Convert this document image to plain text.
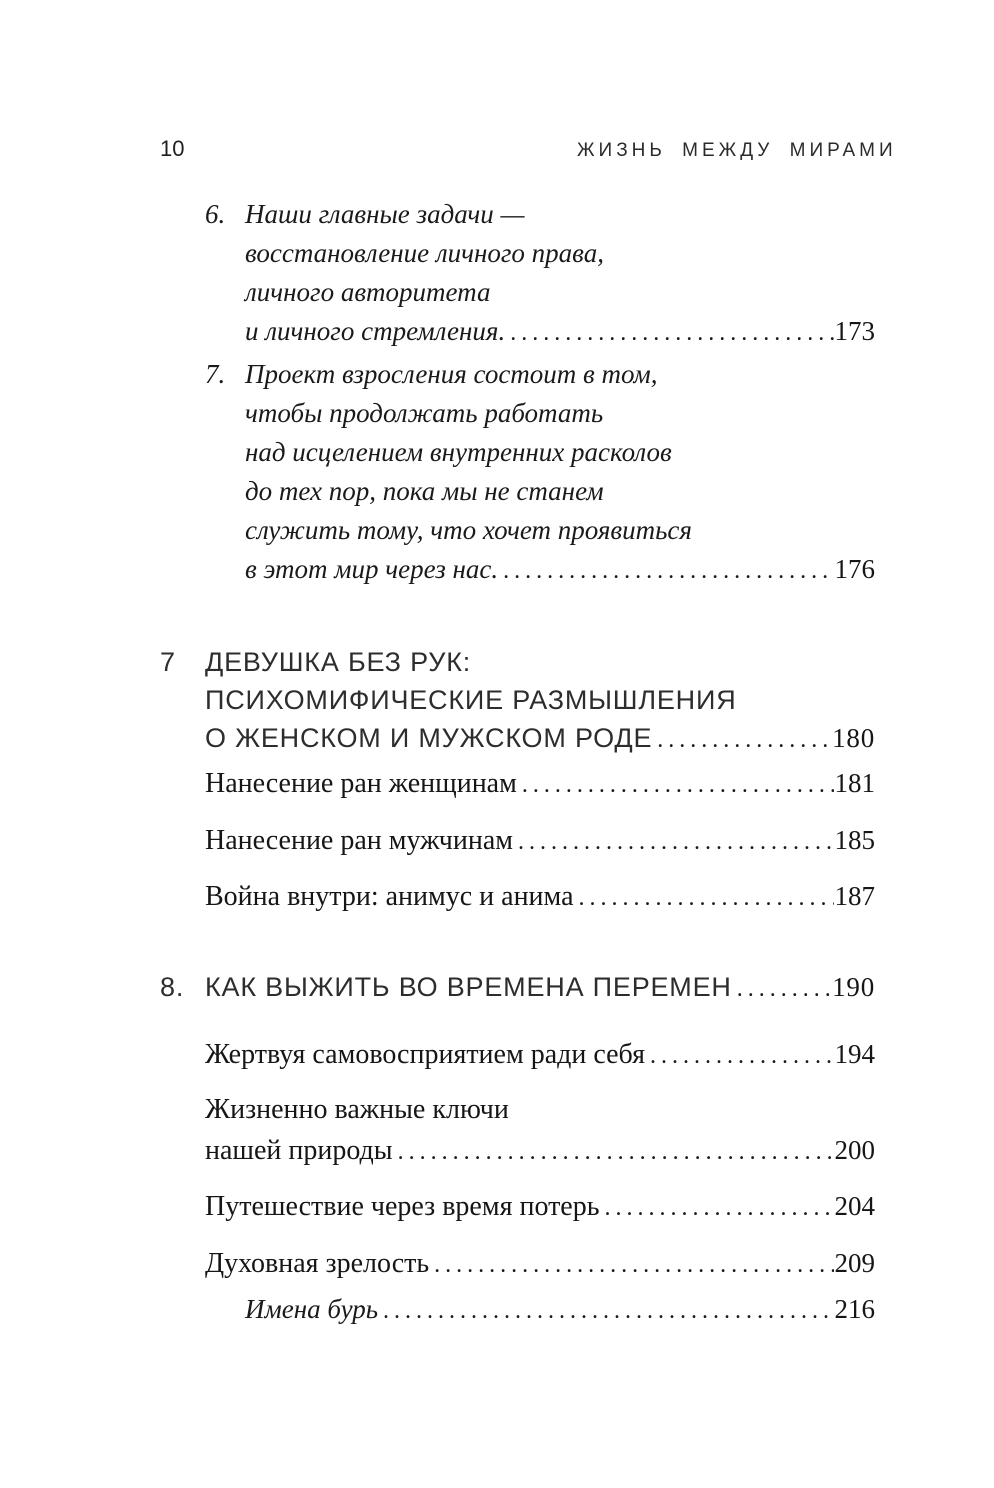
10	ЖИЗНЬ МЕЖДУ МИРАМИ
6. Наши главные задачи —
восстановление личного права,
личного авторитета
и личного стремления. .....	173
7. Проект взросления состоит в том,
чтобы продолжать работать
над исцелением внутренних расколов
до тех пор, пока мы не станем
служить тому, что хочет проявиться
в этот мир через нас. .....	176
7	ДЕВУШКА БЕЗ РУК:
ПСИХОМИФИЧЕСКИЕ РАЗМЫШЛЕНИЯ
О ЖЕНСКОМ И МУЖСКОМ РОДЕ .....	180
Нанесение ран женщинам .....	181
Нанесение ран мужчинам .....	185
Война внутри: анимус и анима .....	187
8. КАК ВЫЖИТЬ ВО ВРЕМЕНА ПЕРЕМЕН .....	190
Жертвуя самовосприятием ради себя .....	194
Жизненно важные ключи
нашей природы .....	200
Путешествие через время потерь .....	204
Духовная зрелость .....	209
Имена бурь .....	216
